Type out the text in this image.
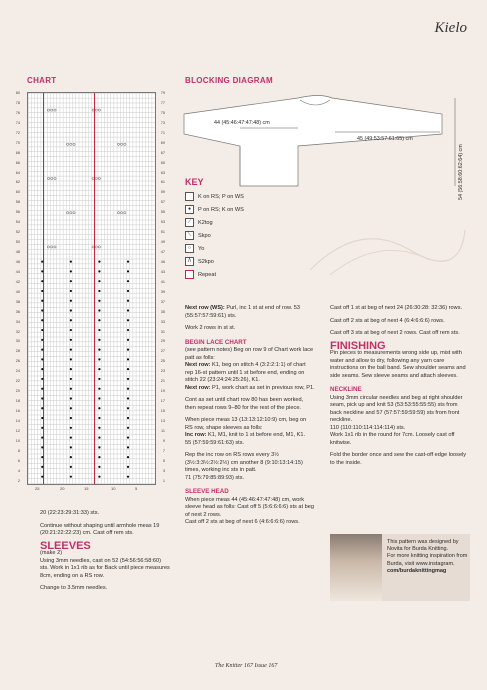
Kielo
CHART
80
78
76
74
72
70
68
66
64
62
60
58
56
54
52
50
48
46
44
42
40
38
36
34
32
30
28
26
24
22
20
18
16
14
12
10
8
6
4
2
79
77
75
73
71
69
67
65
63
61
59
57
55
53
51
49
47
45
43
41
39
37
35
33
31
29
27
25
23
21
19
17
15
13
11
9
7
5
3
1
25	20	15	10	5
BLOCKING DIAGRAM
44 (45:46:47:47:48) cm
45 (49:53:57:61:65) cm
54 (56:58:60:62:64) cm
KEY
K on RS; P on WS
●	P on RS; K on WS
⟋	K2tog
⟍	Skpo
○	Yo
Λ	S2kpo
Repeat

20 (22:23:29:31:33) sts.

Continue without shaping until armhole meas 19 (20:21:22:22:23) cm. Cast off rem sts.

SLEEVES

(make 2)

Using 3mm needles, cast on 52 (54:56:56:58:60) sts. Work in 1x1 rib as for Back until piece measures 8cm, ending on a RS row.

Change to 3.5mm needles.

Next row (WS): Purl, inc 1 st at end of row. 53 (55:57:57:59:61) sts.

Work 2 rows in st st.

BEGIN LACE CHART

(see pattern notes) Beg on row 9 of Chart work lace patt as folls:

Next row: K1, beg on stitch 4 (3:2:2:1:1) of chart rep 16-st pattern until 1 st before end, ending on stitch 22 (23:24:24:25:26), K1.

Next row: P1, work chart as set in previous row, P1.

Cont as set until chart row 80 has been worked, then repeat rows 9–80 for the rest of the piece.

When piece meas 13 (13:13:12:10:9) cm, beg on RS row, shape sleeves as folls:

Inc row: K1, M1, knit to 1 st before end, M1, K1.

55 (57:59:59:61:63) sts.

Rep the inc row on RS rows every 3½ (3½:3:3½:2½:2½) cm another 8 (9:10:13:14:15) times, working inc sts in patt.

71 (75:79:85:89:93) sts.

SLEEVE HEAD

When piece meas 44 (45:46:47:47:48) cm, work sleeve head as folls: Cast off 5 (5:6:6:6:6) sts at beg of next 2 rows.

Cast off 2 sts at beg of next 6 (4:6:6:6:6) rows.

Cast off 1 st at beg of next 24 (26:30:28: 32:36) rows.

Cast off 2 sts at beg of next 4 (6:4:6:6:6) rows.

Cast off 3 sts at beg of next 2 rows. Cast off rem sts.

FINISHING

Pin pieces to measurements wrong side up, mist with water and allow to dry, following any yarn care instructions on the ball band. Sew shoulder seams and side seams. Sew sleeve seams and attach sleeves.

NECKLINE

Using 3mm circular needles and beg at right shoulder seam, pick up and knit 53 (53:53:55:55:55) sts from back neckline and 57 (57:57:59:59:59) sts from front neckline.

110 (110:110:114:114:114) sts.

Work 1x1 rib in the round for 7cm. Loosely cast off knitwise.

Fold the border once and sew the cast-off edge loosely to the inside.

This pattern was designed by Novita for Burda Knitting.
For more knitting inspiration from Burda, visit www.instagram.
com/burdaknittingmag
The Knitter 167 Issue 167
